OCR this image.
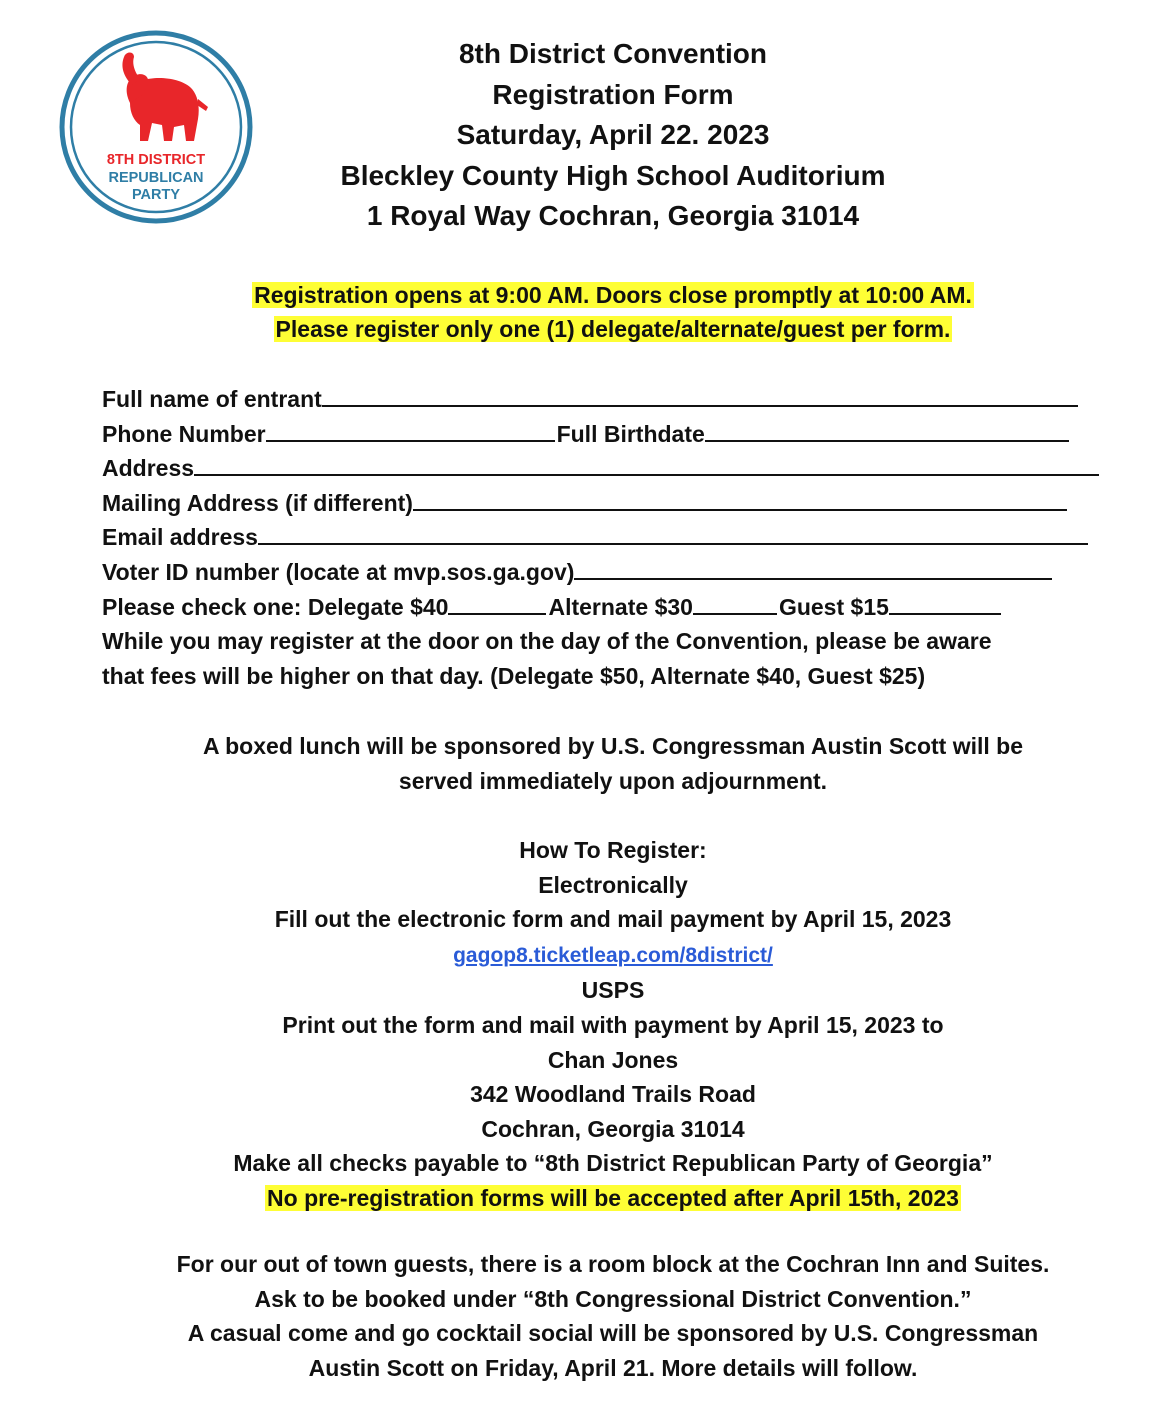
8TH DISTRICT
REPUBLICAN
PARTY
8th District Convention
Registration Form
Saturday, April 22. 2023
Bleckley County High School Auditorium
1 Royal Way Cochran, Georgia 31014
Registration opens at 9:00 AM. Doors close promptly at 10:00 AM.
Please register only one (1) delegate/alternate/guest per form.
Full name of entrant
Phone Number	Full Birthdate
Address
Mailing Address (if different)
Email address
Voter ID number (locate at mvp.sos.ga.gov)
Please check one: Delegate $40	Alternate $30	Guest $15
While you may register at the door on the day of the Convention, please be aware
that fees will be higher on that day. (Delegate $50, Alternate $40, Guest $25)
A boxed lunch will be sponsored by U.S. Congressman Austin Scott will be
served immediately upon adjournment.
How To Register:
Electronically
Fill out the electronic form and mail payment by April 15, 2023
gagop8.ticketleap.com/8district/
USPS
Print out the form and mail with payment by April 15, 2023 to
Chan Jones
342 Woodland Trails Road
Cochran, Georgia 31014
Make all checks payable to “8th District Republican Party of Georgia”
No pre-registration forms will be accepted after April 15th, 2023
For our out of town guests, there is a room block at the Cochran Inn and Suites.
Ask to be booked under “8th Congressional District Convention.”
A casual come and go cocktail social will be sponsored by U.S. Congressman
Austin Scott on Friday, April 21. More details will follow.
